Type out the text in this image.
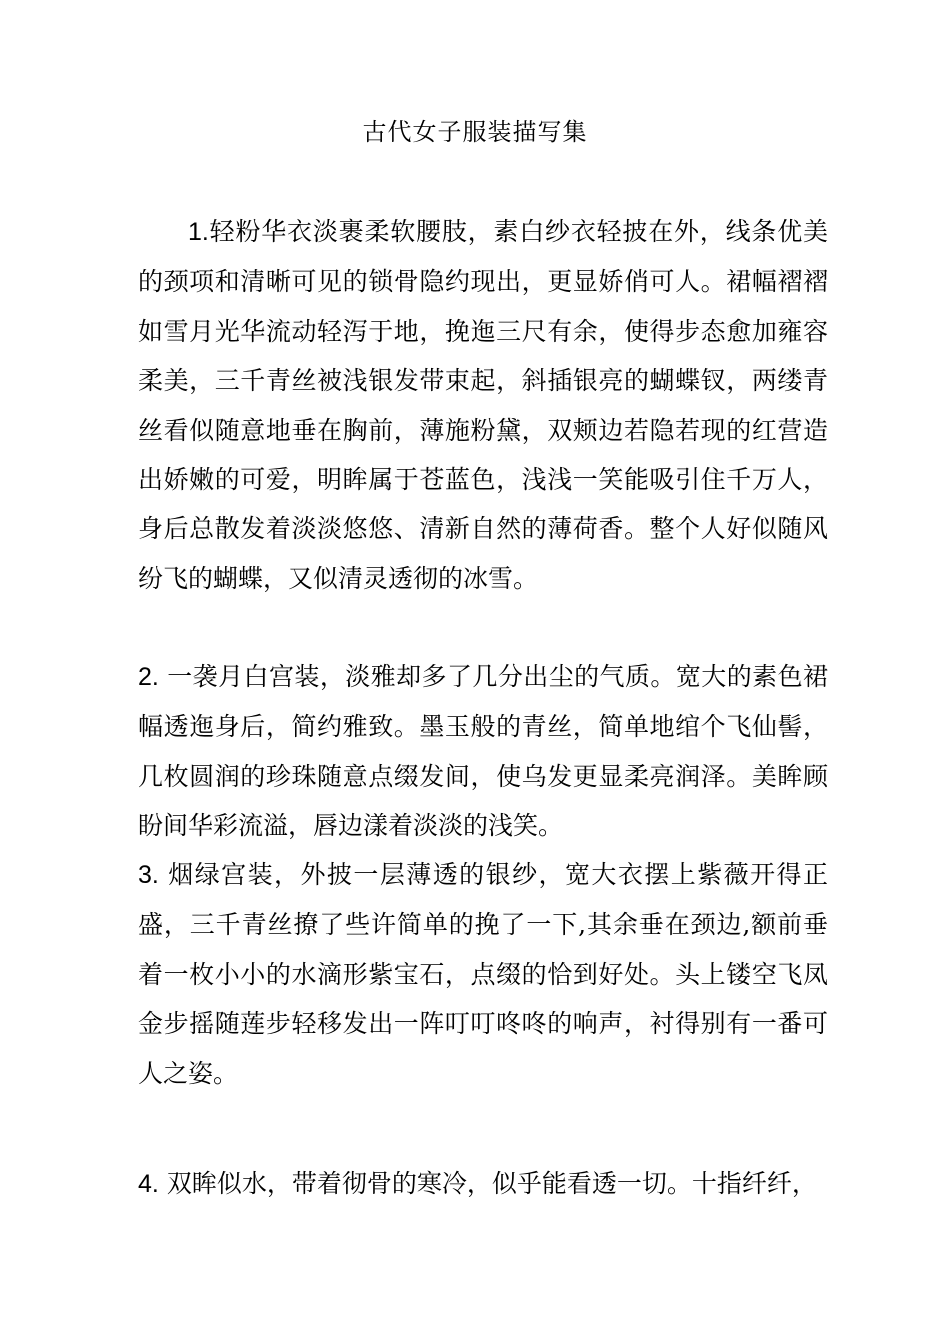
古代女子服装描写集
1.轻粉华衣淡裹柔软腰肢，素白纱衣轻披在外，线条优美的颈项和清晰可见的锁骨隐约现出，更显娇俏可人。裙幅褶褶如雪月光华流动轻泻于地，挽迤三尺有余，使得步态愈加雍容柔美，三千青丝被浅银发带束起，斜插银亮的蝴蝶钗，两缕青丝看似随意地垂在胸前，薄施粉黛，双颊边若隐若现的红营造出娇嫩的可爱，明眸属于苍蓝色，浅浅一笑能吸引住千万人，身后总散发着淡淡悠悠、清新自然的薄荷香。整个人好似随风纷飞的蝴蝶，又似清灵透彻的冰雪。
2. 一袭月白宫装，淡雅却多了几分出尘的气质。宽大的素色裙幅透迤身后，简约雅致。墨玉般的青丝，简单地绾个飞仙髻，几枚圆润的珍珠随意点缀发间，使乌发更显柔亮润泽。美眸顾盼间华彩流溢，唇边漾着淡淡的浅笑。
3. 烟绿宫装，外披一层薄透的银纱，宽大衣摆上紫薇开得正盛，三千青丝撩了些许简单的挽了一下,其余垂在颈边,额前垂着一枚小小的水滴形紫宝石，点缀的恰到好处。头上镂空飞凤金步摇随莲步轻移发出一阵叮叮咚咚的响声，衬得别有一番可人之姿。
4. 双眸似水，带着彻骨的寒冷，似乎能看透一切。十指纤纤，
